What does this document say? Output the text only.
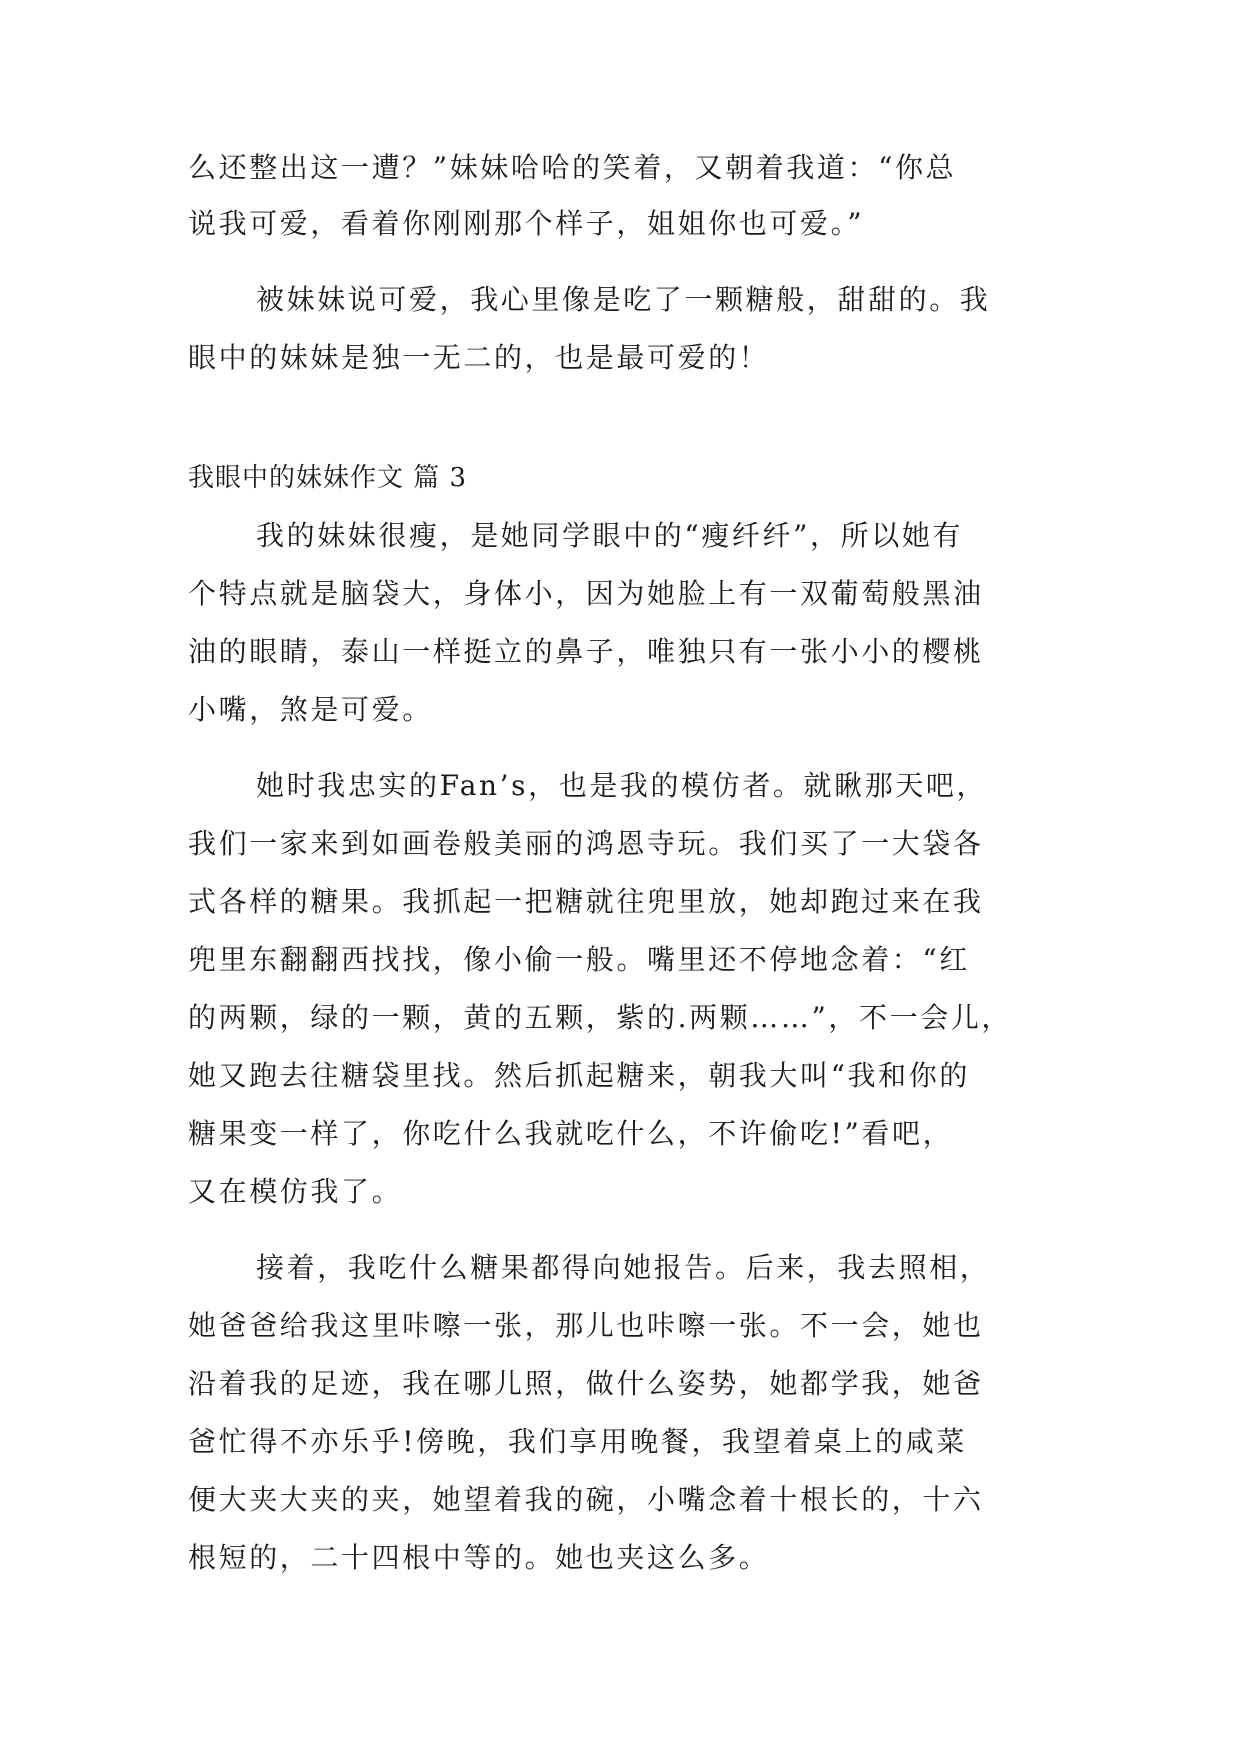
么还整出这一遭？”妹妹哈哈的笑着，又朝着我道：“你总
说我可爱，看着你刚刚那个样子，姐姐你也可爱。”
被妹妹说可爱，我心里像是吃了一颗糖般，甜甜的。我
眼中的妹妹是独一无二的，也是最可爱的！
我眼中的妹妹作文 篇 3
我的妹妹很瘦，是她同学眼中的“瘦纤纤”，所以她有
个特点就是脑袋大，身体小，因为她脸上有一双葡萄般黑油
油的眼睛，泰山一样挺立的鼻子，唯独只有一张小小的樱桃
小嘴，煞是可爱。
她时我忠实的Fan’s，也是我的模仿者。就瞅那天吧，
我们一家来到如画卷般美丽的鸿恩寺玩。我们买了一大袋各
式各样的糖果。我抓起一把糖就往兜里放，她却跑过来在我
兜里东翻翻西找找，像小偷一般。嘴里还不停地念着：“红
的两颗，绿的一颗，黄的五颗，紫的.两颗……”，不一会儿，
她又跑去往糖袋里找。然后抓起糖来，朝我大叫“我和你的
糖果变一样了，你吃什么我就吃什么，不许偷吃!”看吧，
又在模仿我了。
接着，我吃什么糖果都得向她报告。后来，我去照相，
她爸爸给我这里咔嚓一张，那儿也咔嚓一张。不一会，她也
沿着我的足迹，我在哪儿照，做什么姿势，她都学我，她爸
爸忙得不亦乐乎!傍晚，我们享用晚餐，我望着桌上的咸菜
便大夹大夹的夹，她望着我的碗，小嘴念着十根长的，十六
根短的，二十四根中等的。她也夹这么多。
